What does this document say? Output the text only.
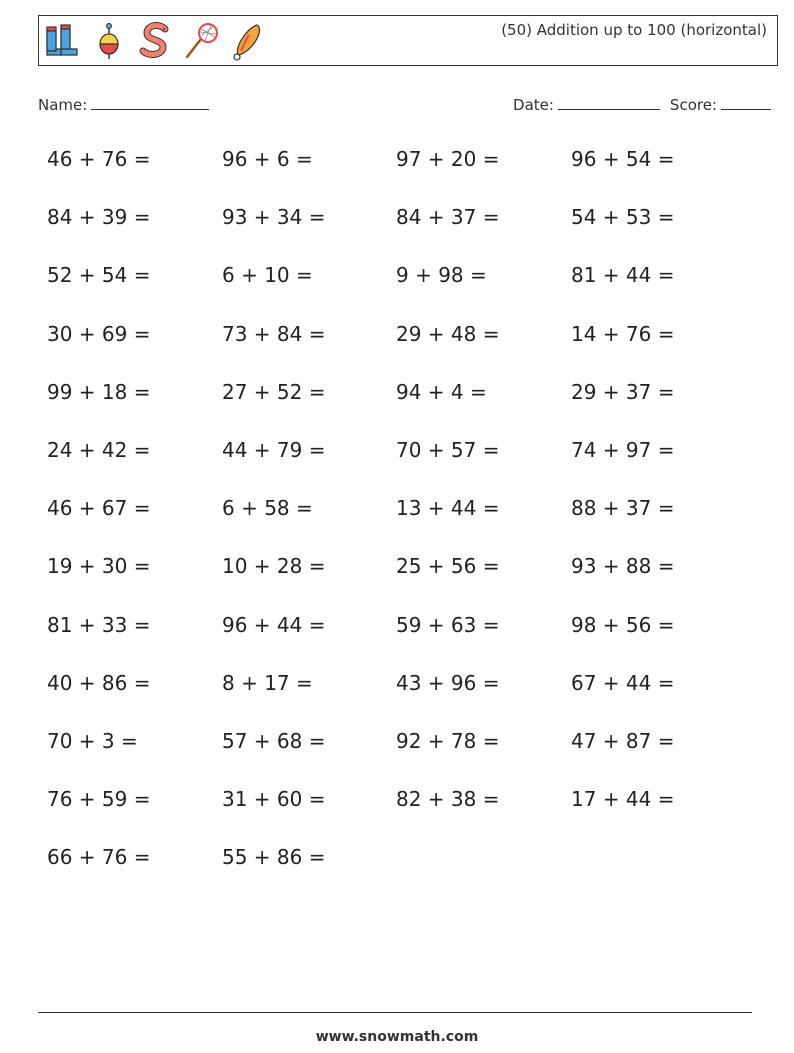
(50) Addition up to 100 (horizontal)
Name:	Date:	Score:
46 + 76 =	96 + 6 =	97 + 20 =	96 + 54 =
84 + 39 =	93 + 34 =	84 + 37 =	54 + 53 =
52 + 54 =	6 + 10 =	9 + 98 =	81 + 44 =
30 + 69 =	73 + 84 =	29 + 48 =	14 + 76 =
99 + 18 =	27 + 52 =	94 + 4 =	29 + 37 =
24 + 42 =	44 + 79 =	70 + 57 =	74 + 97 =
46 + 67 =	6 + 58 =	13 + 44 =	88 + 37 =
19 + 30 =	10 + 28 =	25 + 56 =	93 + 88 =
81 + 33 =	96 + 44 =	59 + 63 =	98 + 56 =
40 + 86 =	8 + 17 =	43 + 96 =	67 + 44 =
70 + 3 =	57 + 68 =	92 + 78 =	47 + 87 =
76 + 59 =	31 + 60 =	82 + 38 =	17 + 44 =
66 + 76 =	55 + 86 =
www.snowmath.com
